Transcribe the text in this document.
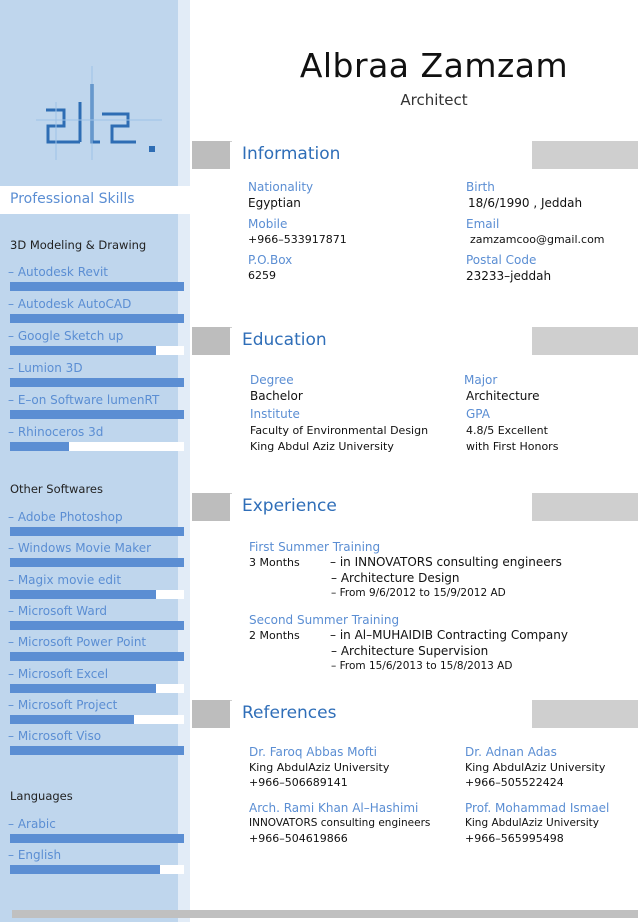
Professional Skills
3D Modeling & Drawing
– Autodesk Revit
– Autodesk AutoCAD
– Google Sketch up
– Lumion 3D
– E–on Software lumenRT
– Rhinoceros 3d
Other Softwares
– Adobe Photoshop
– Windows Movie Maker
– Magix movie edit
– Microsoft Ward
– Microsoft Power Point
– Microsoft Excel
– Microsoft Project
– Microsoft Viso
Languages
– Arabic
– English
Albraa Zamzam
Architect
Information
Nationality
Egyptian
Birth
18/6/1990 , Jeddah
Mobile
+966–533917871
Email
zamzamcoo@gmail.com
P.O.Box
6259
Postal Code
23233–jeddah
Education
Degree
Bachelor
Major
Architecture
Institute
Faculty of Environmental Design
King Abdul Aziz University
GPA
4.8/5 Excellent
with First Honors
Experience
First Summer Training
3 Months	– in INNOVATORS consulting engineers
– Architecture Design
– From 9/6/2012 to 15/9/2012 AD
Second Summer Training
2 Months	– in Al–MUHAIDIB Contracting Company
– Architecture Supervision
– From 15/6/2013 to 15/8/2013 AD
References
Dr. Faroq Abbas Mofti
King AbdulAziz University
+966–506689141
Dr. Adnan Adas
King AbdulAziz University
+966–505522424
Arch. Rami Khan Al–Hashimi
INNOVATORS consulting engineers
+966–504619866
Prof. Mohammad Ismael
King AbdulAziz University
+966–565995498
